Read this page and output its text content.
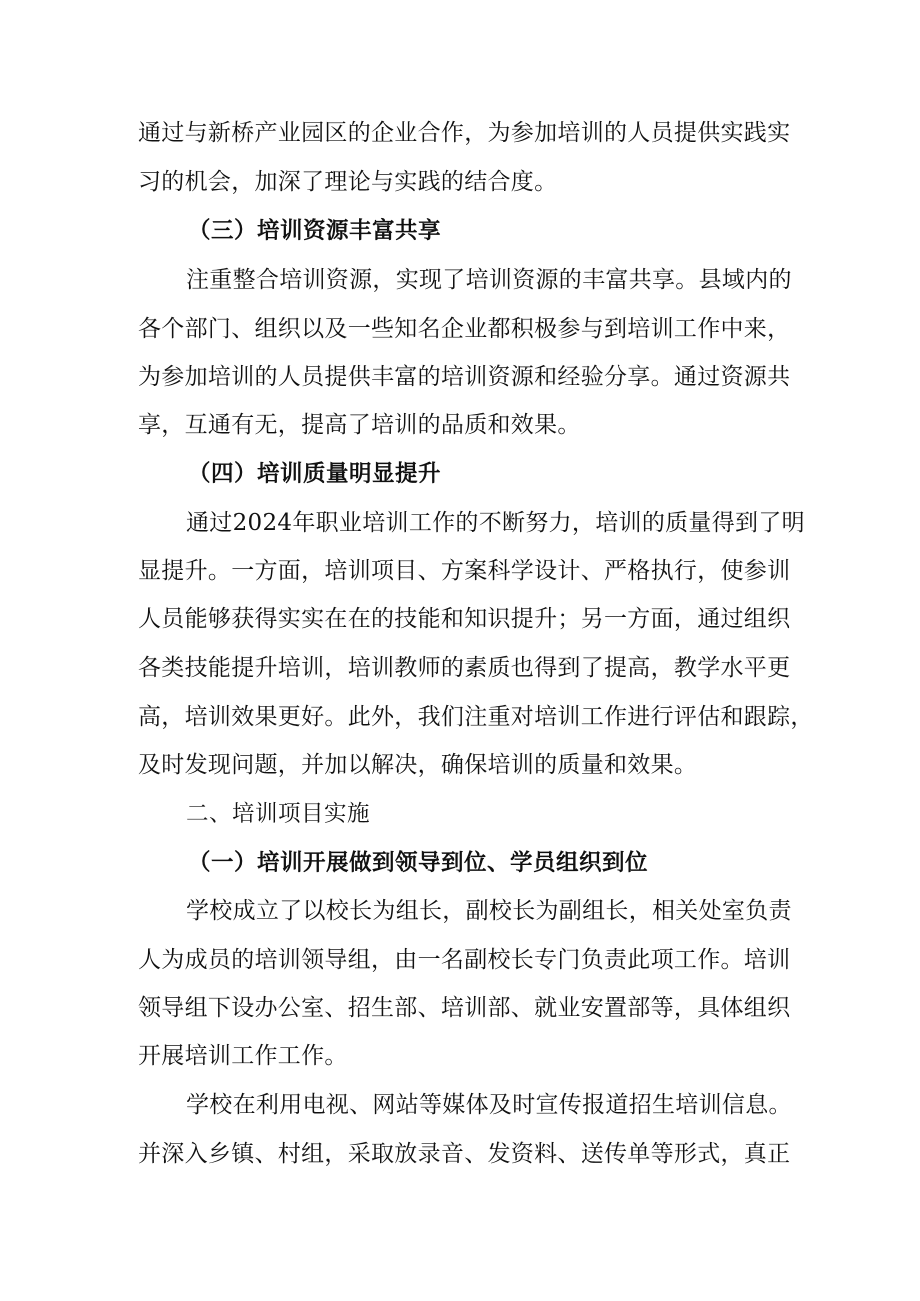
通过与新桥产业园区的企业合作，为参加培训的人员提供实践实
习的机会，加深了理论与实践的结合度。
（三）培训资源丰富共享
注重整合培训资源，实现了培训资源的丰富共享。县域内的
各个部门、组织以及一些知名企业都积极参与到培训工作中来，
为参加培训的人员提供丰富的培训资源和经验分享。通过资源共
享，互通有无，提高了培训的品质和效果。
（四）培训质量明显提升
通过2024年职业培训工作的不断努力，培训的质量得到了明
显提升。一方面，培训项目、方案科学设计、严格执行，使参训
人员能够获得实实在在的技能和知识提升；另一方面，通过组织
各类技能提升培训，培训教师的素质也得到了提高，教学水平更
高，培训效果更好。此外，我们注重对培训工作进行评估和跟踪，
及时发现问题，并加以解决，确保培训的质量和效果。
二、培训项目实施
（一）培训开展做到领导到位、学员组织到位
学校成立了以校长为组长，副校长为副组长，相关处室负责
人为成员的培训领导组，由一名副校长专门负责此项工作。培训
领导组下设办公室、招生部、培训部、就业安置部等，具体组织
开展培训工作工作。
学校在利用电视、网站等媒体及时宣传报道招生培训信息。
并深入乡镇、村组，采取放录音、发资料、送传单等形式，真正
